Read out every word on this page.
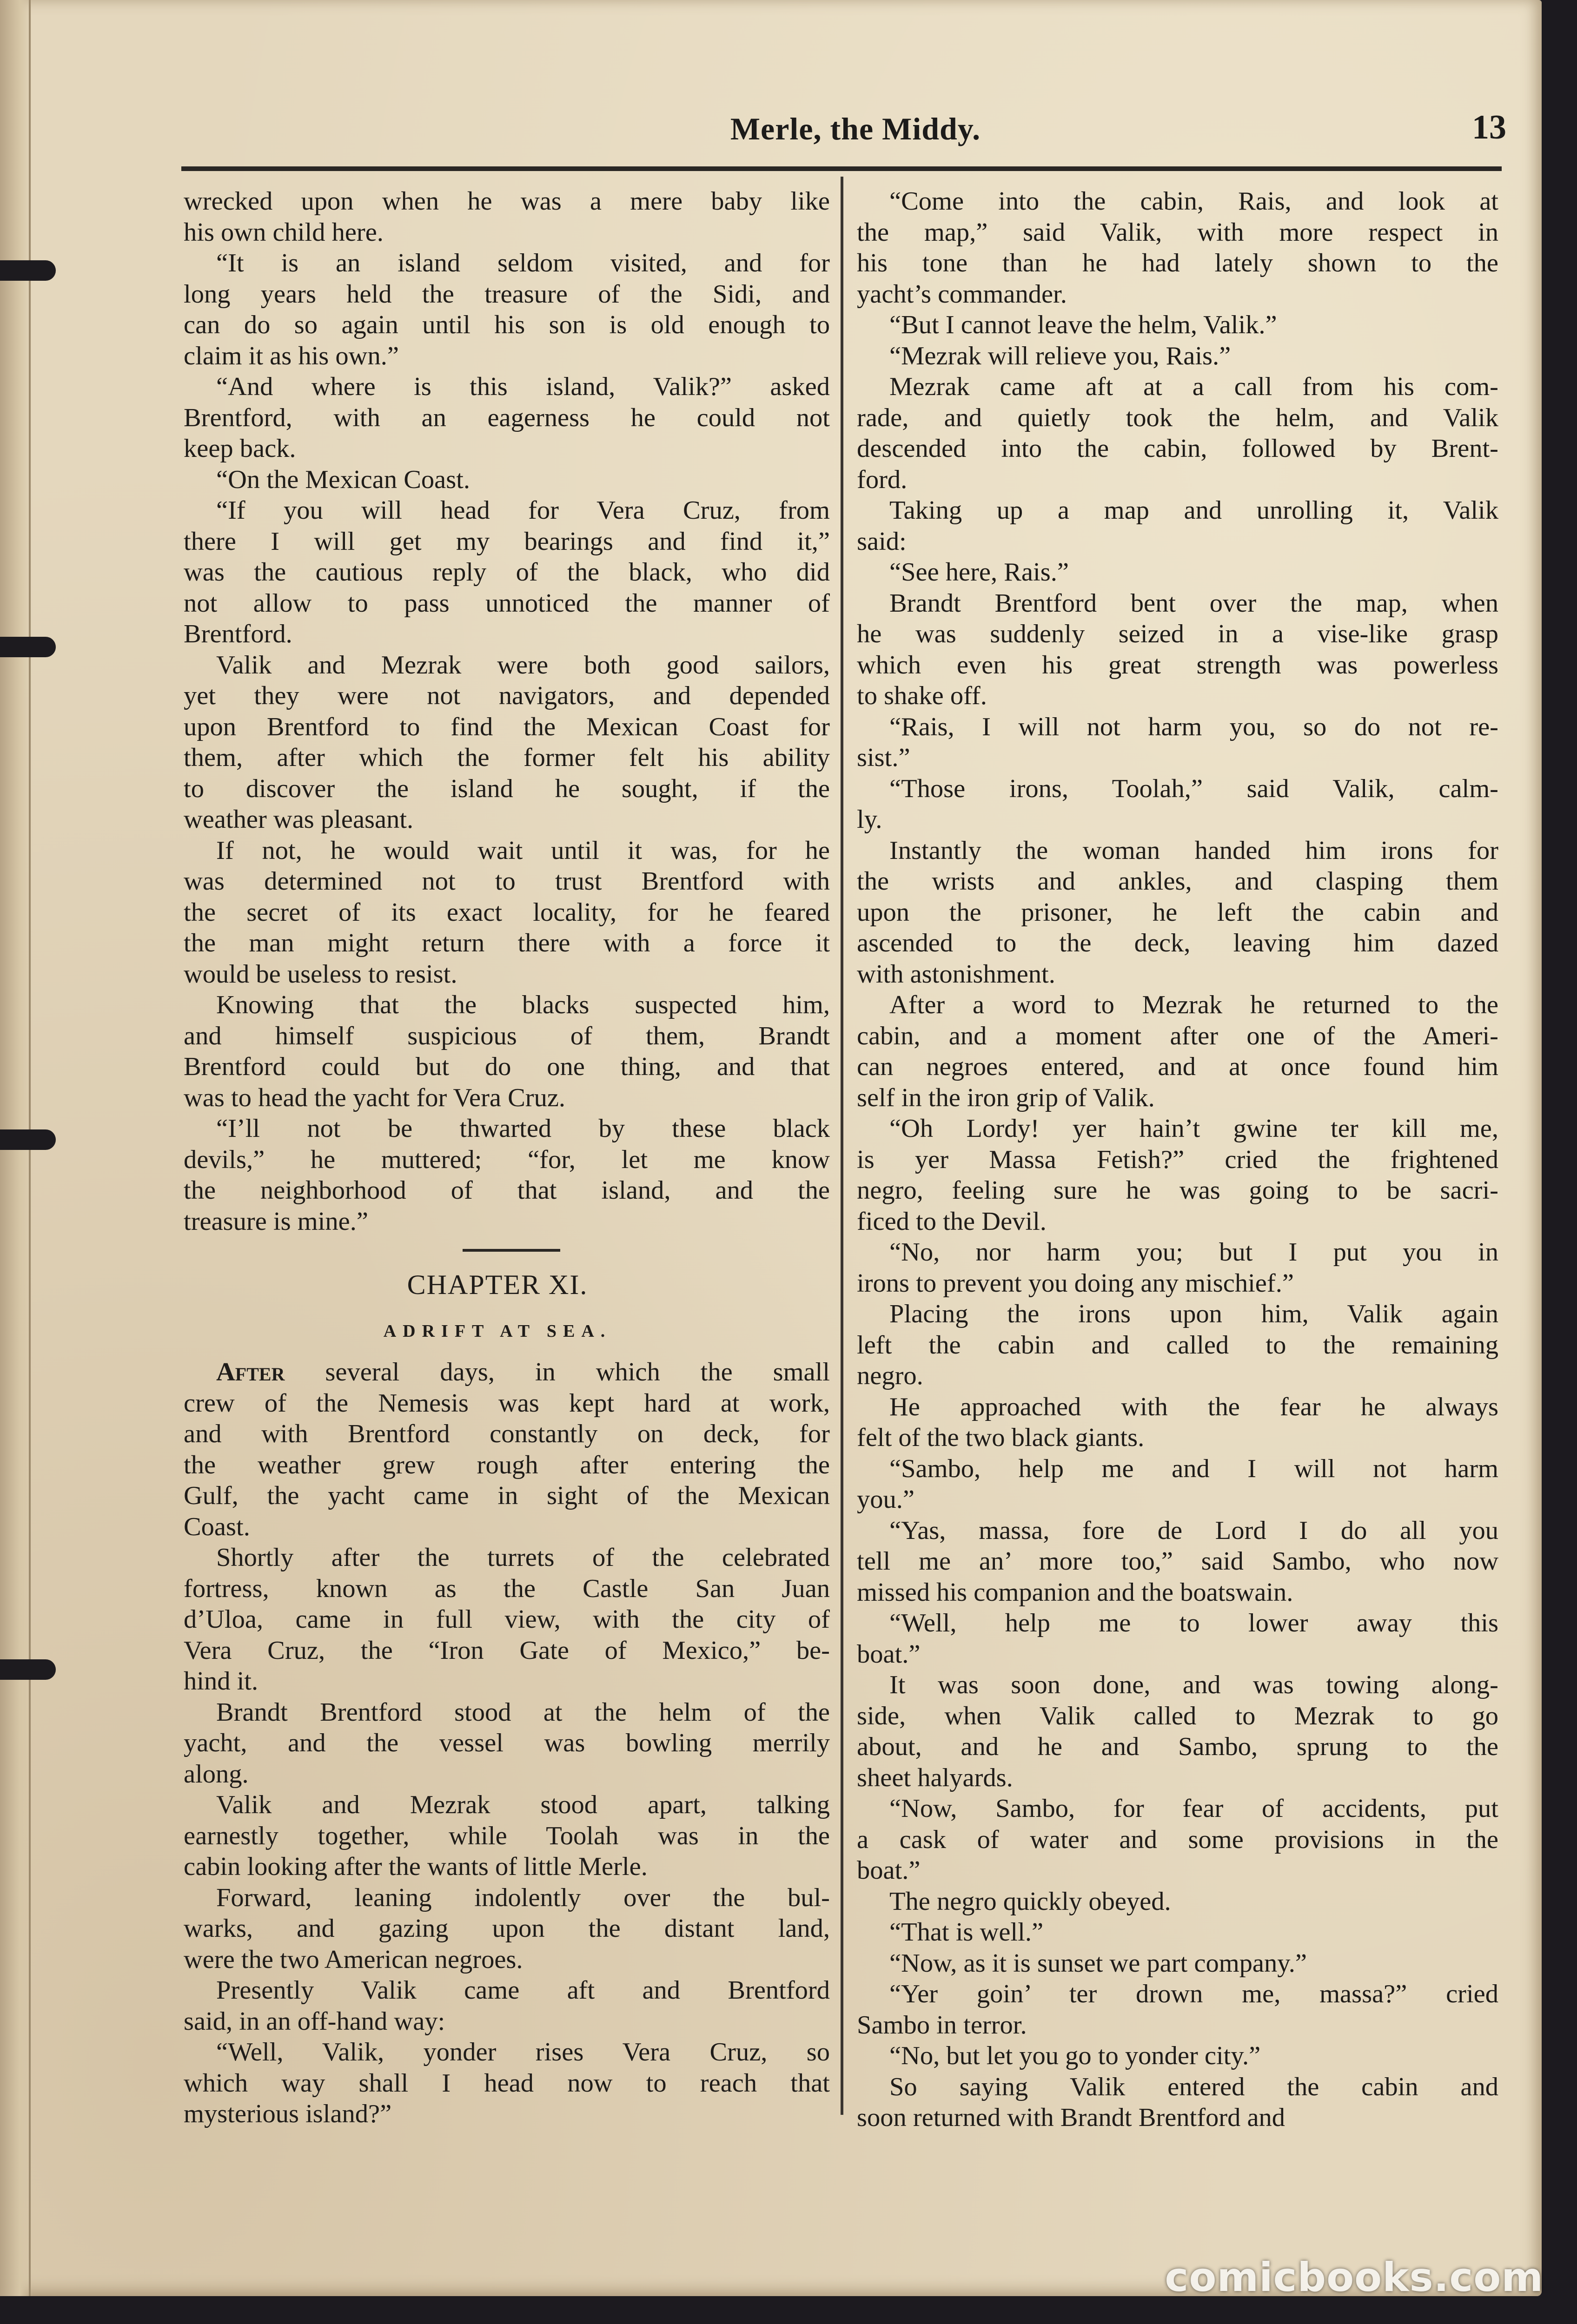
Merle, the Middy.	13
wrecked upon when he was a mere baby like
his own child here.
“It is an island seldom visited, and for
long years held the treasure of the Sidi, and
can do so again until his son is old enough to
claim it as his own.”
“And where is this island, Valik?” asked
Brentford, with an eagerness he could not
keep back.
“On the Mexican Coast.
“If you will head for Vera Cruz, from
there I will get my bearings and find it,”
was the cautious reply of the black, who did
not allow to pass unnoticed the manner of
Brentford.
Valik and Mezrak were both good sailors,
yet they were not navigators, and depended
upon Brentford to find the Mexican Coast for
them, after which the former felt his ability
to discover the island he sought, if the
weather was pleasant.
If not, he would wait until it was, for he
was determined not to trust Brentford with
the secret of its exact locality, for he feared
the man might return there with a force it
would be useless to resist.
Knowing that the blacks suspected him,
and himself suspicious of them, Brandt
Brentford could but do one thing, and that
was to head the yacht for Vera Cruz.
“I’ll not be thwarted by these black
devils,” he muttered; “for, let me know
the neighborhood of that island, and the
treasure is mine.”
CHAPTER XI.
ADRIFT AT SEA.
After several days, in which the small
crew of the Nemesis was kept hard at work,
and with Brentford constantly on deck, for
the weather grew rough after entering the
Gulf, the yacht came in sight of the Mexican
Coast.
Shortly after the turrets of the celebrated
fortress, known as the Castle San Juan
d’Uloa, came in full view, with the city of
Vera Cruz, the “Iron Gate of Mexico,” be-
hind it.
Brandt Brentford stood at the helm of the
yacht, and the vessel was bowling merrily
along.
Valik and Mezrak stood apart, talking
earnestly together, while Toolah was in the
cabin looking after the wants of little Merle.
Forward, leaning indolently over the bul-
warks, and gazing upon the distant land,
were the two American negroes.
Presently Valik came aft and Brentford
said, in an off-hand way:
“Well, Valik, yonder rises Vera Cruz, so
which way shall I head now to reach that
mysterious island?”
“Come into the cabin, Rais, and look at
the map,” said Valik, with more respect in
his tone than he had lately shown to the
yacht’s commander.
“But I cannot leave the helm, Valik.”
“Mezrak will relieve you, Rais.”
Mezrak came aft at a call from his com-
rade, and quietly took the helm, and Valik
descended into the cabin, followed by Brent-
ford.
Taking up a map and unrolling it, Valik
said:
“See here, Rais.”
Brandt Brentford bent over the map, when
he was suddenly seized in a vise-like grasp
which even his great strength was powerless
to shake off.
“Rais, I will not harm you, so do not re-
sist.”
“Those irons, Toolah,” said Valik, calm-
ly.
Instantly the woman handed him irons for
the wrists and ankles, and clasping them
upon the prisoner, he left the cabin and
ascended to the deck, leaving him dazed
with astonishment.
After a word to Mezrak he returned to the
cabin, and a moment after one of the Ameri-
can negroes entered, and at once found him
self in the iron grip of Valik.
“Oh Lordy! yer hain’t gwine ter kill me,
is yer Massa Fetish?” cried the frightened
negro, feeling sure he was going to be sacri-
ficed to the Devil.
“No, nor harm you; but I put you in
irons to prevent you doing any mischief.”
Placing the irons upon him, Valik again
left the cabin and called to the remaining
negro.
He approached with the fear he always
felt of the two black giants.
“Sambo, help me and I will not harm
you.”
“Yas, massa, fore de Lord I do all you
tell me an’ more too,” said Sambo, who now
missed his companion and the boatswain.
“Well, help me to lower away this
boat.”
It was soon done, and was towing along-
side, when Valik called to Mezrak to go
about, and he and Sambo, sprung to the
sheet halyards.
“Now, Sambo, for fear of accidents, put
a cask of water and some provisions in the
boat.”
The negro quickly obeyed.
“That is well.”
“Now, as it is sunset we part company.”
“Yer goin’ ter drown me, massa?” cried
Sambo in terror.
“No, but let you go to yonder city.”
So saying Valik entered the cabin and
soon returned with Brandt Brentford and
comicbooks.com
